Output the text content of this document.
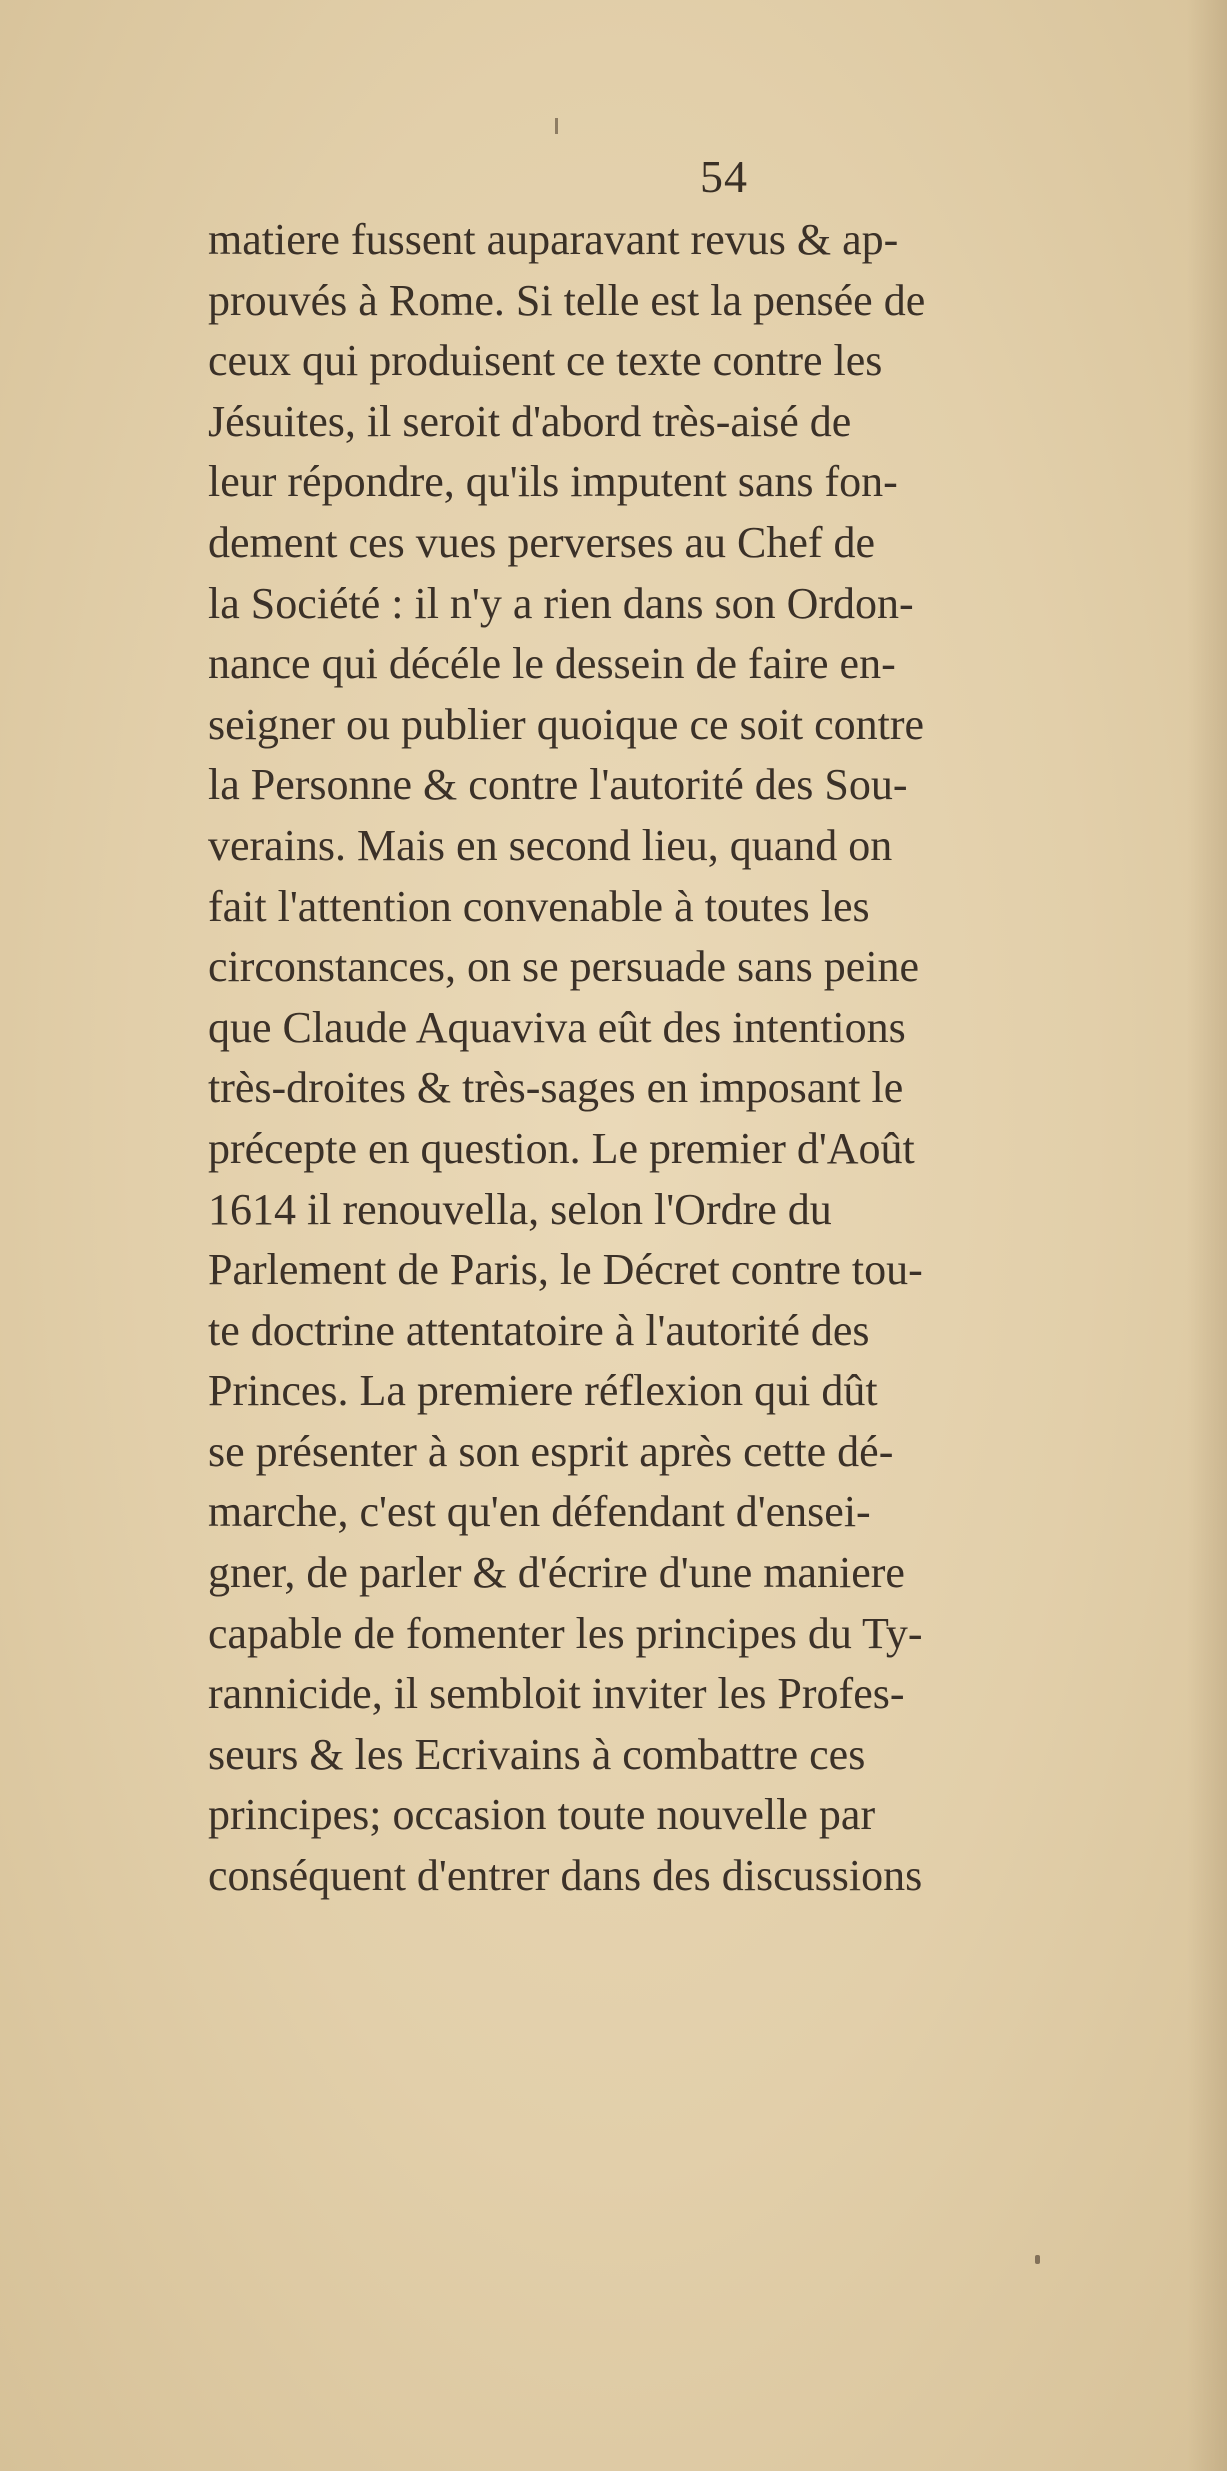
54
matiere fussent auparavant revus & ap-
prouvés à Rome. Si telle est la pensée de
ceux qui produisent ce texte contre les
Jésuites, il seroit d'abord très-aisé de
leur répondre, qu'ils imputent sans fon-
dement ces vues perverses au Chef de
la Société : il n'y a rien dans son Ordon-
nance qui décéle le dessein de faire en-
seigner ou publier quoique ce soit contre
la Personne & contre l'autorité des Sou-
verains. Mais en second lieu, quand on
fait l'attention convenable à toutes les
circonstances, on se persuade sans peine
que Claude Aquaviva eût des intentions
très-droites & très-sages en imposant le
précepte en question. Le premier d'Août
1614 il renouvella, selon l'Ordre du
Parlement de Paris, le Décret contre tou-
te doctrine attentatoire à l'autorité des
Princes. La premiere réflexion qui dût
se présenter à son esprit après cette dé-
marche, c'est qu'en défendant d'ensei-
gner, de parler & d'écrire d'une maniere
capable de fomenter les principes du Ty-
rannicide, il sembloit inviter les Profes-
seurs & les Ecrivains à combattre ces
principes; occasion toute nouvelle par
conséquent d'entrer dans des discussions
